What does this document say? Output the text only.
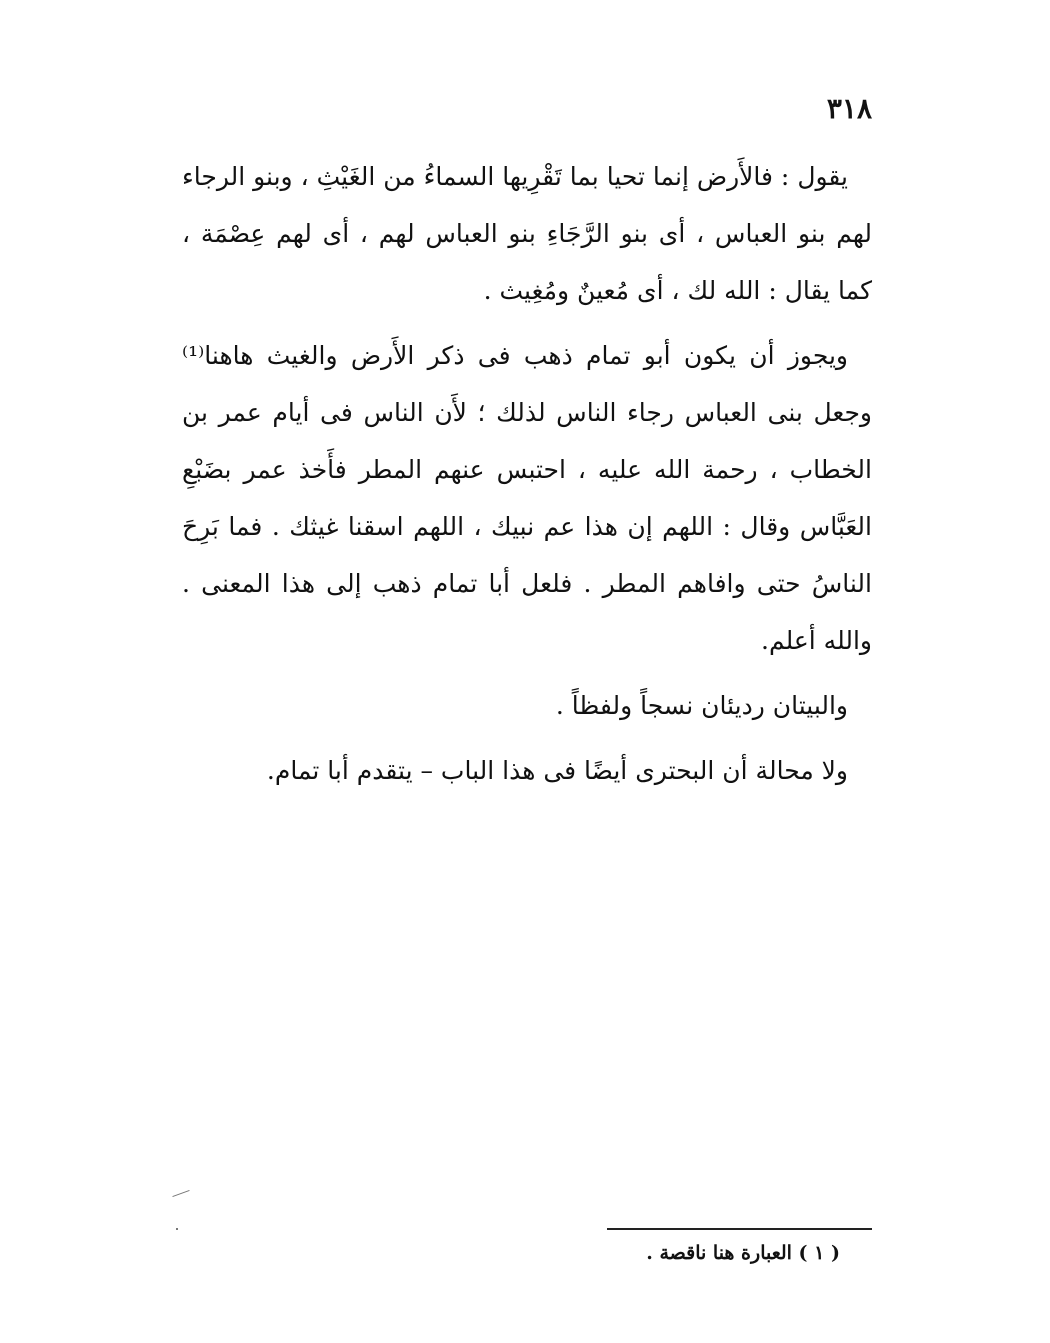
٣١٨

يقول : فالأَرض إنما تحيا بما تَقْرِيها السماءُ من الغَيْثِ ، وبنو الرجاء لهم بنو العباس ، أى بنو الرَّجَاءِ بنو العباس لهم ، أى لهم عِصْمَة ، كما يقال : الله لك ، أى مُعينٌ ومُغِيث .

ويجوز أن يكون أبو تمام ذهب فى ذكر الأَرض والغيث هاهنا⁽¹⁾ وجعل بنى العباس رجاء الناس لذلك ؛ لأَن الناس فى أيام عمر بن الخطاب ، رحمة الله عليه ، احتبس عنهم المطر فأَخذ عمر بضَبْعِ العَبَّاس وقال : اللهم إن هذا عم نبيك ، اللهم اسقنا غيثك . فما بَرِحَ الناسُ حتى وافاهم المطر . فلعل أبا تمام ذهب إلى هذا المعنى . والله أعلم.

والبيتان رديئان نسجاً ولفظاً .

ولا محالة أن البحترى أيضًا فى هذا الباب – يتقدم أبا تمام.

( ١ ) العبارة هنا ناقصة .
